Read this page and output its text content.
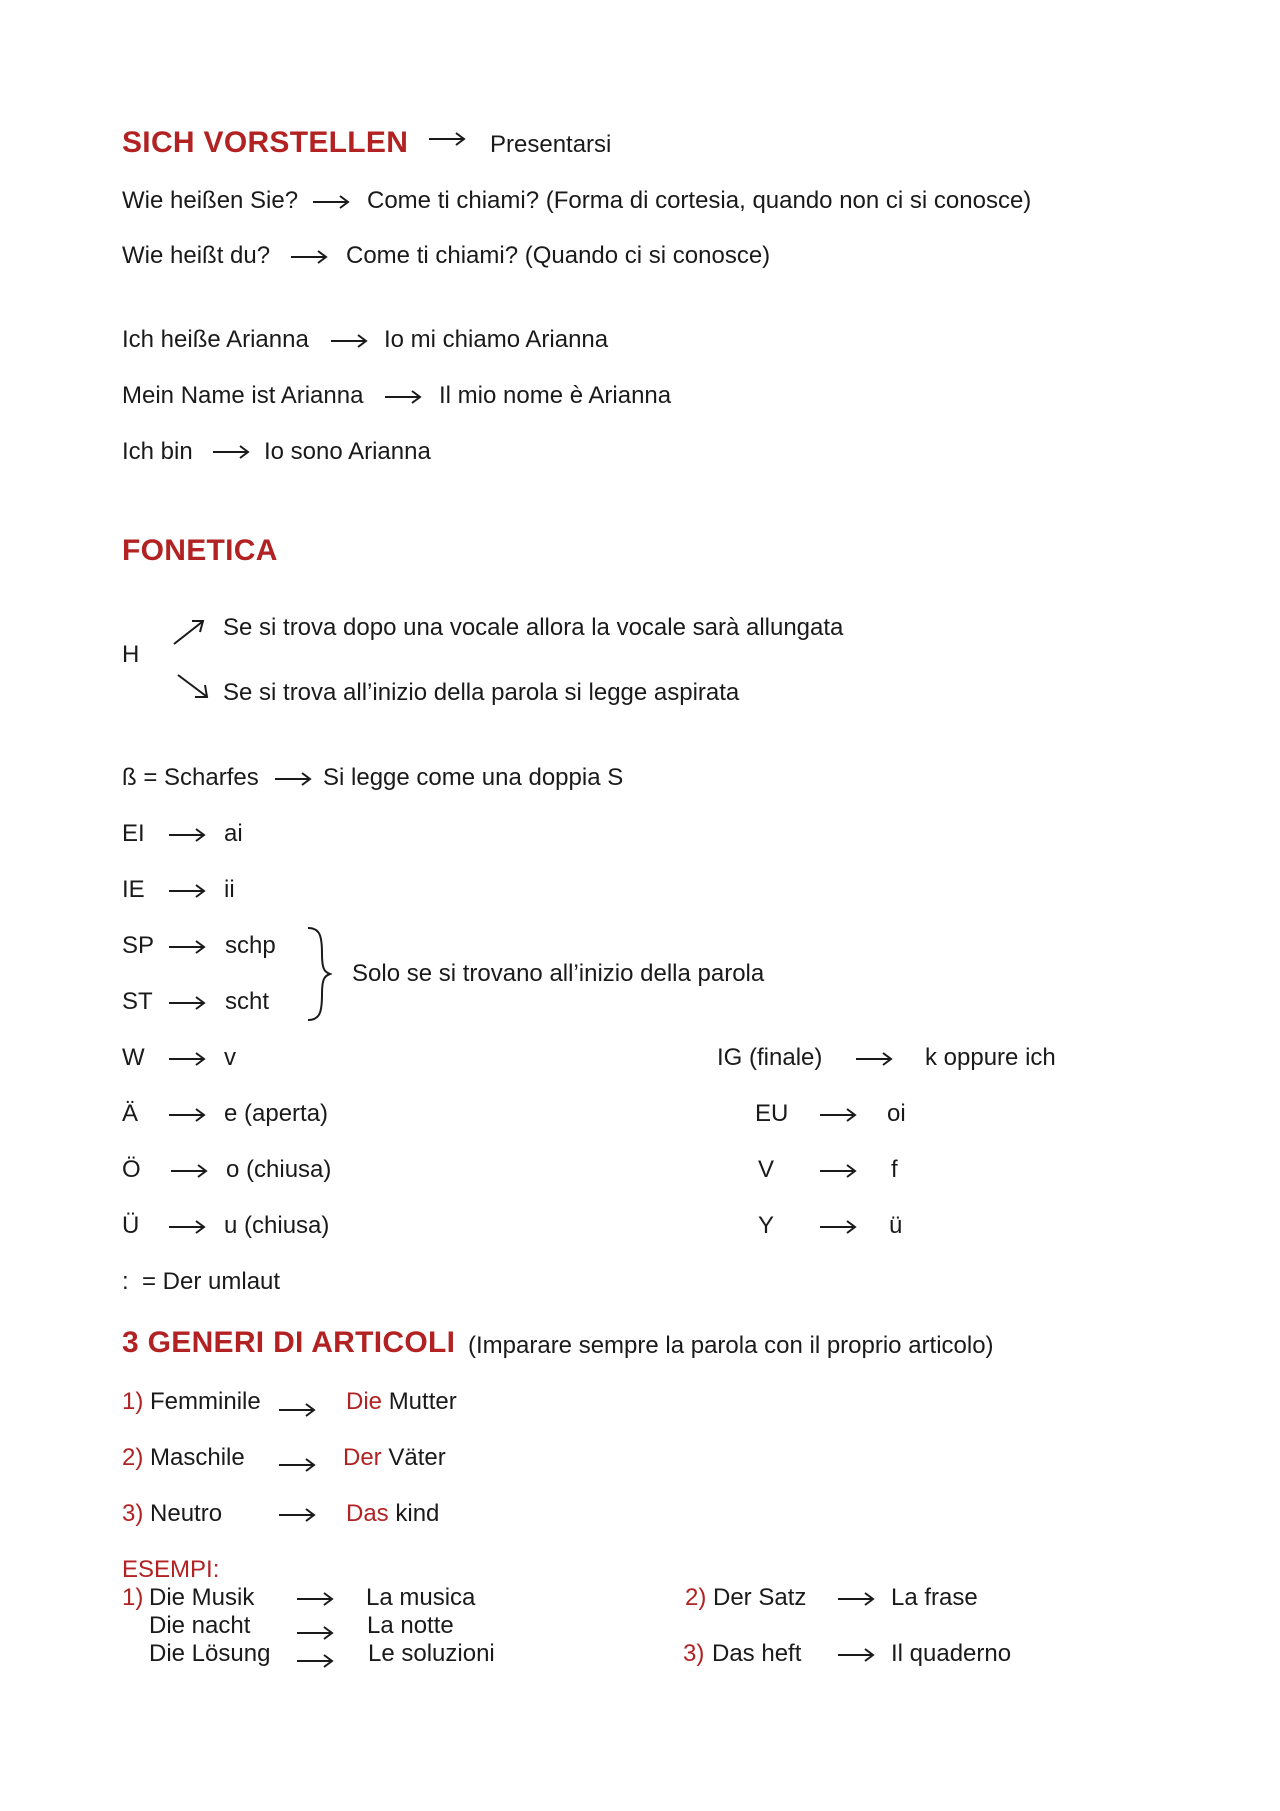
SICH VORSTELLEN	Presentarsi
Wie heißen Sie?	Come ti chiami? (Forma di cortesia, quando non ci si conosce)
Wie heißt du?	Come ti chiami? (Quando ci si conosce)
Ich heiße Arianna	Io mi chiamo Arianna
Mein Name ist Arianna	Il mio nome è Arianna
Ich bin	Io sono Arianna
FONETICA
H
Se si trova dopo una vocale allora la vocale sarà allungata
Se si trova all’inizio della parola si legge aspirata
ß = Scharfes	Si legge come una doppia S
EI	ai
IE	ii
SP	schp
ST	scht
Solo se si trovano all’inizio della parola
W	v
Ä	e (aperta)
Ö	o (chiusa)
Ü	u (chiusa)
IG (finale)	k oppure ich
EU	oi
V	f
Y	ü
: = Der umlaut
3 GENERI DI ARTICOLI (Imparare sempre la parola con il proprio articolo)
1) Femminile	Die Mutter
2) Maschile	Der Väter
3) Neutro	Das kind
ESEMPI:
1) Die Musik	La musica
Die nacht	La notte
Die Lösung	Le soluzioni
2) Der Satz	La frase
3) Das heft	Il quaderno
